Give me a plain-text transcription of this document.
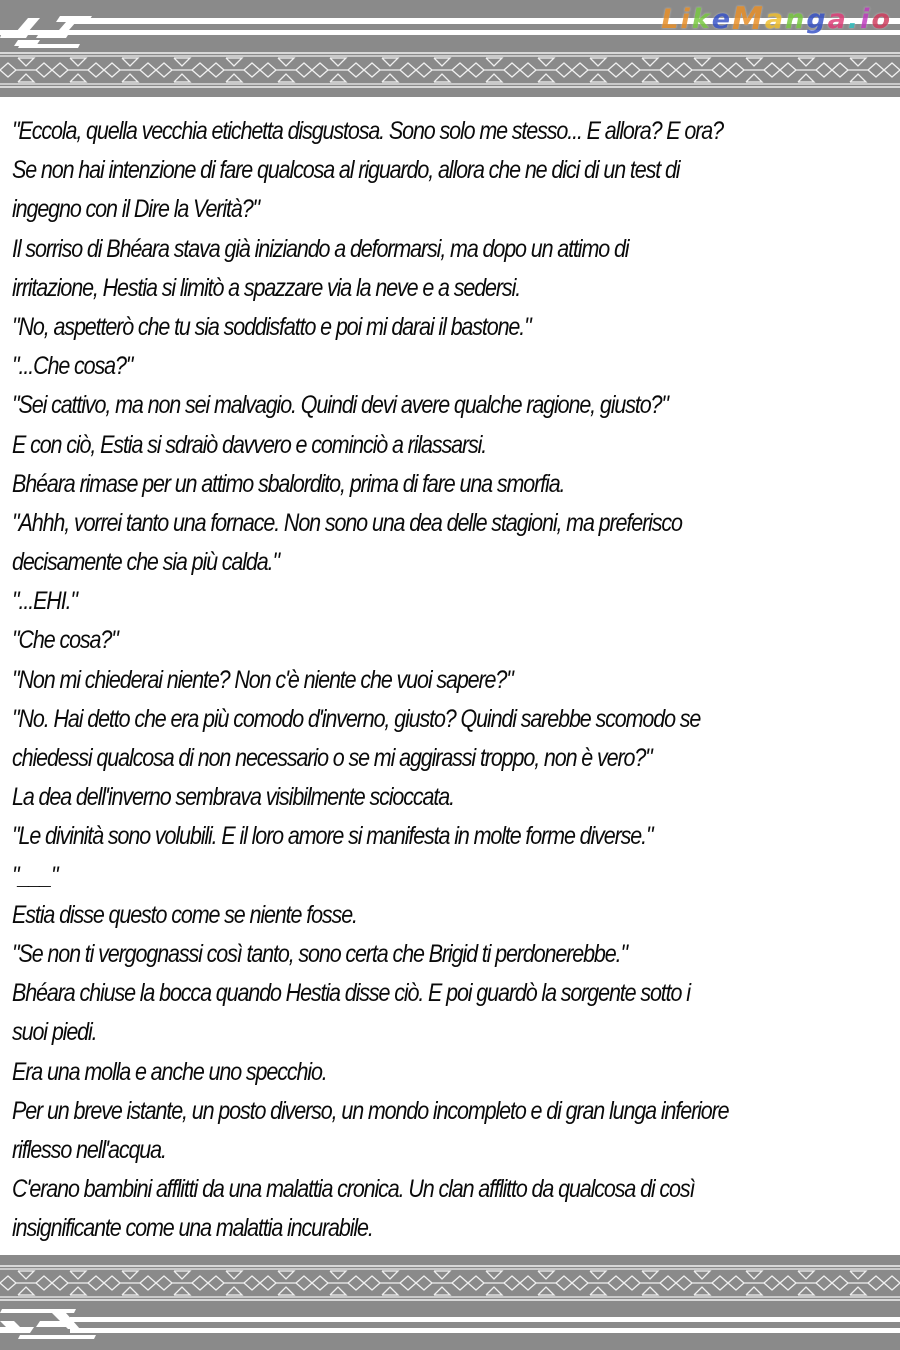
L i k e M a n g a . i o
"Eccola, quella vecchia etichetta disgustosa. Sono solo me stesso... E allora? E ora?
Se non hai intenzione di fare qualcosa al riguardo, allora che ne dici di un test di
ingegno con il Dire la Verità?"
Il sorriso di Bhéara stava già iniziando a deformarsi, ma dopo un attimo di
irritazione, Hestia si limitò a spazzare via la neve e a sedersi.
"No, aspetterò che tu sia soddisfatto e poi mi darai il bastone."
"...Che cosa?"
"Sei cattivo, ma non sei malvagio. Quindi devi avere qualche ragione, giusto?"
E con ciò, Estia si sdraiò davvero e cominciò a rilassarsi.
Bhéara rimase per un attimo sbalordito, prima di fare una smorfia.
"Ahhh, vorrei tanto una fornace. Non sono una dea delle stagioni, ma preferisco
decisamente che sia più calda."
"...EHI."
"Che cosa?"
"Non mi chiederai niente? Non c'è niente che vuoi sapere?"
"No. Hai detto che era più comodo d'inverno, giusto? Quindi sarebbe scomodo se
chiedessi qualcosa di non necessario o se mi aggirassi troppo, non è vero?"
La dea dell'inverno sembrava visibilmente scioccata.
"Le divinità sono volubili. E il loro amore si manifesta in molte forme diverse."
"___"
Estia disse questo come se niente fosse.
"Se non ti vergognassi così tanto, sono certa che Brigid ti perdonerebbe."
Bhéara chiuse la bocca quando Hestia disse ciò. E poi guardò la sorgente sotto i
suoi piedi.
Era una molla e anche uno specchio.
Per un breve istante, un posto diverso, un mondo incompleto e di gran lunga inferiore
riflesso nell'acqua.
C'erano bambini afflitti da una malattia cronica. Un clan afflitto da qualcosa di così
insignificante come una malattia incurabile.
